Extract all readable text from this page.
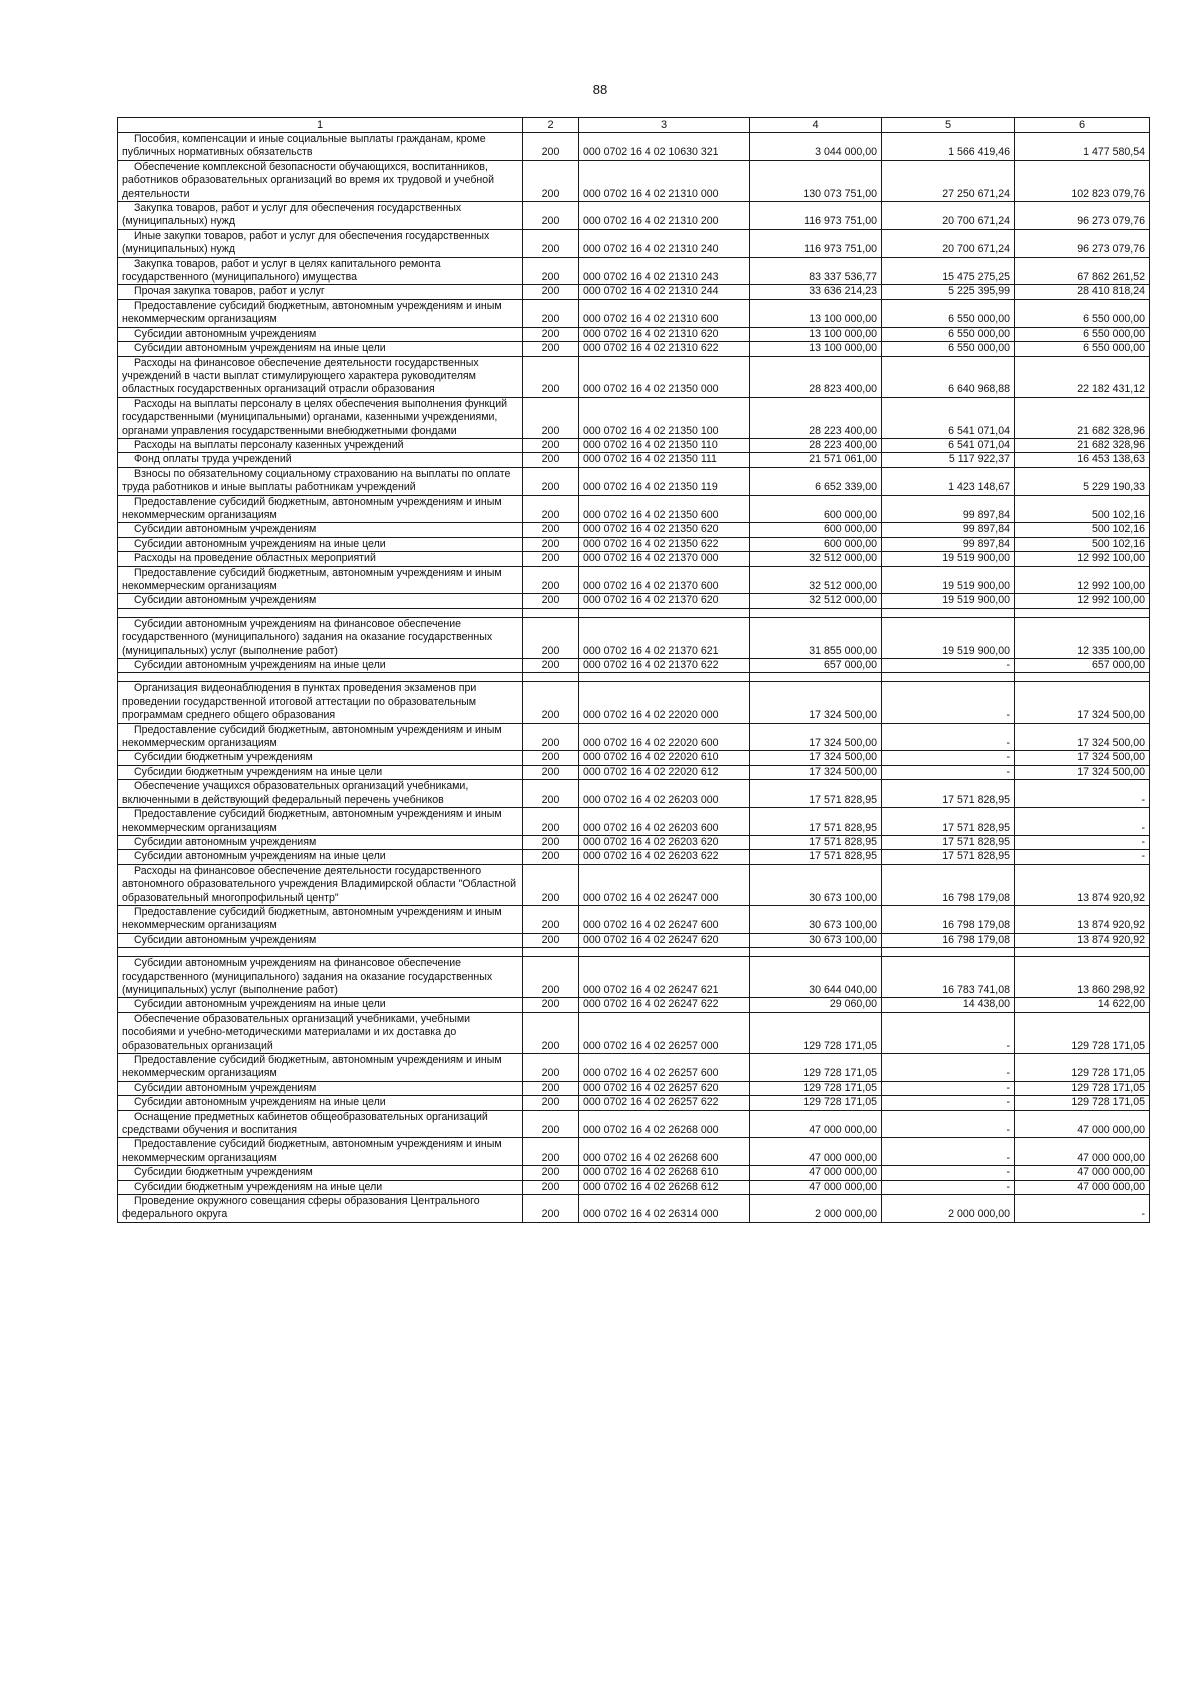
88
1	2	3	4	5	6
Пособия, компенсации и иные социальные выплаты гражданам, кроме публичных нормативных обязательств	200	000 0702 16 4 02 10630 321	3 044 000,00	1 566 419,46	1 477 580,54
Обеспечение комплексной безопасности обучающихся, воспитанников, работников образовательных организаций во время их трудовой и учебной деятельности	200	000 0702 16 4 02 21310 000	130 073 751,00	27 250 671,24	102 823 079,76
Закупка товаров, работ и услуг для обеспечения государственных (муниципальных) нужд	200	000 0702 16 4 02 21310 200	116 973 751,00	20 700 671,24	96 273 079,76
Иные закупки товаров, работ и услуг для обеспечения государственных (муниципальных) нужд	200	000 0702 16 4 02 21310 240	116 973 751,00	20 700 671,24	96 273 079,76
Закупка товаров, работ и услуг в целях капитального ремонта государственного (муниципального) имущества	200	000 0702 16 4 02 21310 243	83 337 536,77	15 475 275,25	67 862 261,52
Прочая закупка товаров, работ и услуг	200	000 0702 16 4 02 21310 244	33 636 214,23	5 225 395,99	28 410 818,24
Предоставление субсидий бюджетным, автономным учреждениям и иным некоммерческим организациям	200	000 0702 16 4 02 21310 600	13 100 000,00	6 550 000,00	6 550 000,00
Субсидии автономным учреждениям	200	000 0702 16 4 02 21310 620	13 100 000,00	6 550 000,00	6 550 000,00
Субсидии автономным учреждениям на иные цели	200	000 0702 16 4 02 21310 622	13 100 000,00	6 550 000,00	6 550 000,00
Расходы на финансовое обеспечение деятельности государственных учреждений в части выплат стимулирующего характера руководителям областных государственных организаций отрасли образования	200	000 0702 16 4 02 21350 000	28 823 400,00	6 640 968,88	22 182 431,12
Расходы на выплаты персоналу в целях обеспечения выполнения функций государственными (муниципальными) органами, казенными учреждениями, органами управления государственными внебюджетными фондами	200	000 0702 16 4 02 21350 100	28 223 400,00	6 541 071,04	21 682 328,96
Расходы на выплаты персоналу казенных учреждений	200	000 0702 16 4 02 21350 110	28 223 400,00	6 541 071,04	21 682 328,96
Фонд оплаты труда учреждений	200	000 0702 16 4 02 21350 111	21 571 061,00	5 117 922,37	16 453 138,63
Взносы по обязательному социальному страхованию на выплаты по оплате труда работников и иные выплаты работникам учреждений	200	000 0702 16 4 02 21350 119	6 652 339,00	1 423 148,67	5 229 190,33
Предоставление субсидий бюджетным, автономным учреждениям и иным некоммерческим организациям	200	000 0702 16 4 02 21350 600	600 000,00	99 897,84	500 102,16
Субсидии автономным учреждениям	200	000 0702 16 4 02 21350 620	600 000,00	99 897,84	500 102,16
Субсидии автономным учреждениям на иные цели	200	000 0702 16 4 02 21350 622	600 000,00	99 897,84	500 102,16
Расходы на проведение областных мероприятий	200	000 0702 16 4 02 21370 000	32 512 000,00	19 519 900,00	12 992 100,00
Предоставление субсидий бюджетным, автономным учреждениям и иным некоммерческим организациям	200	000 0702 16 4 02 21370 600	32 512 000,00	19 519 900,00	12 992 100,00
Субсидии автономным учреждениям	200	000 0702 16 4 02 21370 620	32 512 000,00	19 519 900,00	12 992 100,00

Субсидии автономным учреждениям на финансовое обеспечение государственного (муниципального) задания на оказание государственных (муниципальных) услуг (выполнение работ)	200	000 0702 16 4 02 21370 621	31 855 000,00	19 519 900,00	12 335 100,00
Субсидии автономным учреждениям на иные цели	200	000 0702 16 4 02 21370 622	657 000,00	-	657 000,00

Организация видеонаблюдения в пунктах проведения экзаменов при проведении государственной итоговой аттестации по образовательным программам среднего общего образования	200	000 0702 16 4 02 22020 000	17 324 500,00	-	17 324 500,00
Предоставление субсидий бюджетным, автономным учреждениям и иным некоммерческим организациям	200	000 0702 16 4 02 22020 600	17 324 500,00	-	17 324 500,00
Субсидии бюджетным учреждениям	200	000 0702 16 4 02 22020 610	17 324 500,00	-	17 324 500,00
Субсидии бюджетным учреждениям на иные цели	200	000 0702 16 4 02 22020 612	17 324 500,00	-	17 324 500,00
Обеспечение учащихся образовательных организаций учебниками, включенными в действующий федеральный перечень учебников	200	000 0702 16 4 02 26203 000	17 571 828,95	17 571 828,95	-
Предоставление субсидий бюджетным, автономным учреждениям и иным некоммерческим организациям	200	000 0702 16 4 02 26203 600	17 571 828,95	17 571 828,95	-
Субсидии автономным учреждениям	200	000 0702 16 4 02 26203 620	17 571 828,95	17 571 828,95	-
Субсидии автономным учреждениям на иные цели	200	000 0702 16 4 02 26203 622	17 571 828,95	17 571 828,95	-
Расходы на финансовое обеспечение деятельности государственного автономного образовательного учреждения Владимирской области "Областной образовательный многопрофильный центр"	200	000 0702 16 4 02 26247 000	30 673 100,00	16 798 179,08	13 874 920,92
Предоставление субсидий бюджетным, автономным учреждениям и иным некоммерческим организациям	200	000 0702 16 4 02 26247 600	30 673 100,00	16 798 179,08	13 874 920,92
Субсидии автономным учреждениям	200	000 0702 16 4 02 26247 620	30 673 100,00	16 798 179,08	13 874 920,92

Субсидии автономным учреждениям на финансовое обеспечение государственного (муниципального) задания на оказание государственных (муниципальных) услуг (выполнение работ)	200	000 0702 16 4 02 26247 621	30 644 040,00	16 783 741,08	13 860 298,92
Субсидии автономным учреждениям на иные цели	200	000 0702 16 4 02 26247 622	29 060,00	14 438,00	14 622,00
Обеспечение образовательных организаций учебниками, учебными пособиями и учебно-методическими материалами и их доставка до образовательных организаций	200	000 0702 16 4 02 26257 000	129 728 171,05	-	129 728 171,05
Предоставление субсидий бюджетным, автономным учреждениям и иным некоммерческим организациям	200	000 0702 16 4 02 26257 600	129 728 171,05	-	129 728 171,05
Субсидии автономным учреждениям	200	000 0702 16 4 02 26257 620	129 728 171,05	-	129 728 171,05
Субсидии автономным учреждениям на иные цели	200	000 0702 16 4 02 26257 622	129 728 171,05	-	129 728 171,05
Оснащение предметных кабинетов общеобразовательных организаций средствами обучения и воспитания	200	000 0702 16 4 02 26268 000	47 000 000,00	-	47 000 000,00
Предоставление субсидий бюджетным, автономным учреждениям и иным некоммерческим организациям	200	000 0702 16 4 02 26268 600	47 000 000,00	-	47 000 000,00
Субсидии бюджетным учреждениям	200	000 0702 16 4 02 26268 610	47 000 000,00	-	47 000 000,00
Субсидии бюджетным учреждениям на иные цели	200	000 0702 16 4 02 26268 612	47 000 000,00	-	47 000 000,00
Проведение окружного совещания сферы образования Центрального федерального округа	200	000 0702 16 4 02 26314 000	2 000 000,00	2 000 000,00	-
